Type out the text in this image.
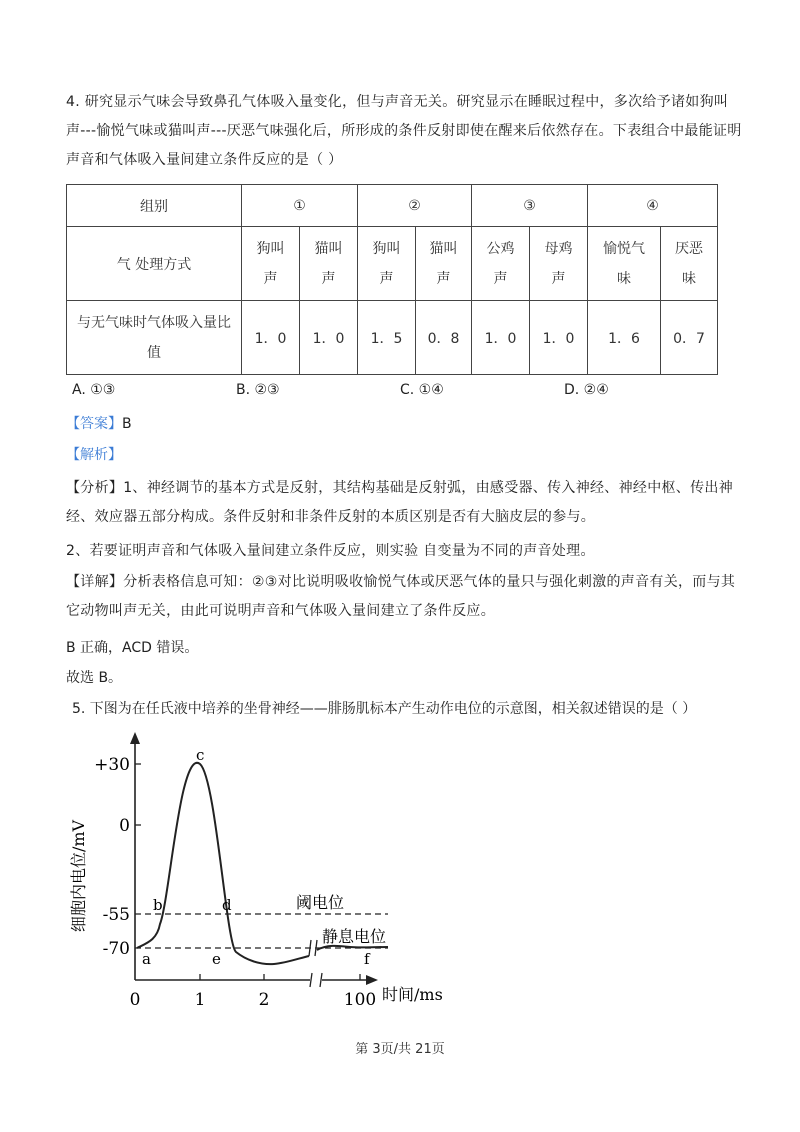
4. 研究显示气味会导致鼻孔气体吸入量变化，但与声音无关。研究显示在睡眠过程中，多次给予诸如狗叫声---愉悦气味或猫叫声---厌恶气味强化后，所形成的条件反射即使在醒来后依然存在。下表组合中最能证明声音和气体吸入量间建立条件反应的是（ ）
组别	①		②		③		④	
气 处理方式	狗叫声	猫叫声	狗叫声	猫叫声	公鸡声	母鸡声	愉悦气味	厌恶味

与无气味时气体吸入量比值	1．0	1．0	1．5	0．8	1．0	1．0	1．6	0．7
A. ①③	B. ②③	C. ①④	D. ②④
【答案】B
【解析】
【分析】1、神经调节的基本方式是反射，其结构基础是反射弧，由感受器、传入神经、神经中枢、传出神经、效应器五部分构成。条件反射和非条件反射的本质区别是否有大脑皮层的参与。
2、若要证明声音和气体吸入量间建立条件反应，则实验 自变量为不同的声音处理。
【详解】分析表格信息可知：②③对比说明吸收愉悦气体或厌恶气体的量只与强化刺激的声音有关，而与其它动物叫声无关，由此可说明声音和气体吸入量间建立了条件反应。
B 正确，ACD 错误。
故选 B。
5. 下图为在任氏液中培养的坐骨神经——腓肠肌标本产生动作电位的示意图，相关叙述错误的是（ ）
+30
0
-55
-70
0	1	2	100 时间/ms
细胞内电位/mV	阈电位
静息电位
a
b
c
d
e	f
第 3页/共 21页
